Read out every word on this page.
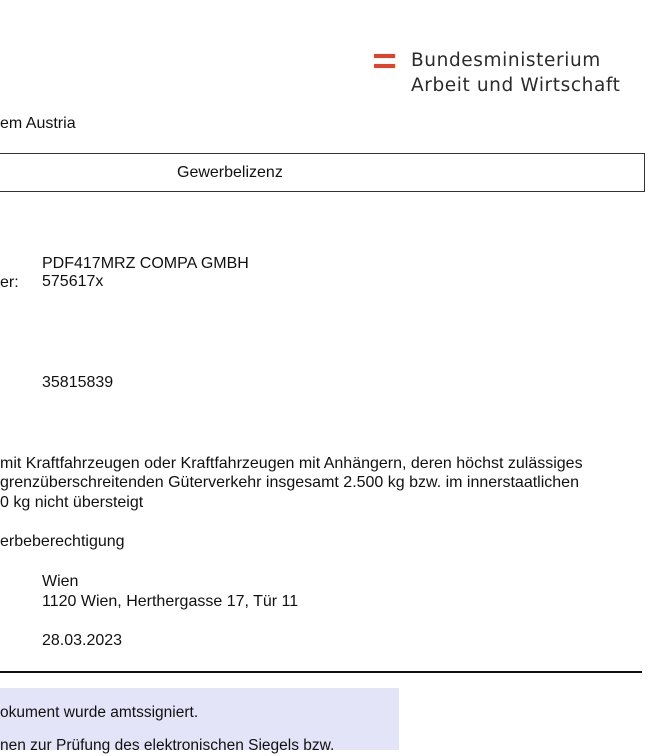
Bundesministerium
Arbeit und Wirtschaft
em Austria
Gewerbelizenz
PDF417MRZ COMPA GMBH
er: 575617x
35815839
mit Kraftfahrzeugen oder Kraftfahrzeugen mit Anhängern, deren höchst zulässiges
grenzüberschreitenden Güterverkehr insgesamt 2.500 kg bzw. im innerstaatlichen
0 kg nicht übersteigt
erbeberechtigung
Wien
1120 Wien, Herthergasse 17, Tür 11
28.03.2023
okument wurde amtssigniert.
nen zur Prüfung des elektronischen Siegels bzw.
